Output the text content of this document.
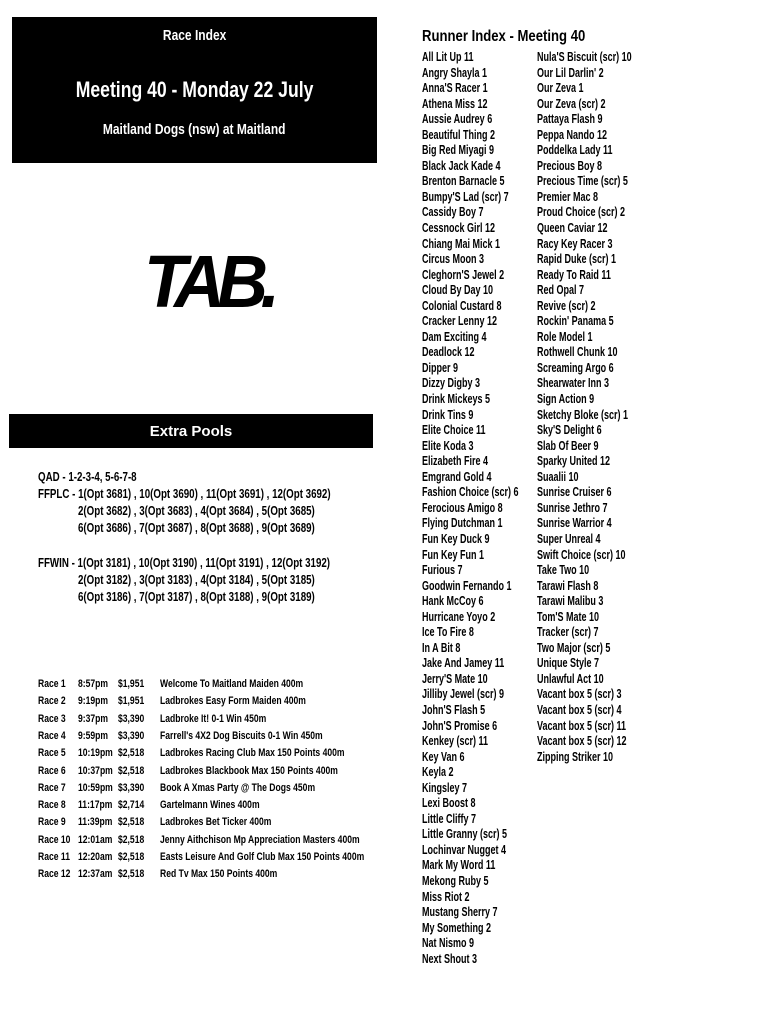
Race Index
Meeting 40 - Monday 22 July
Maitland Dogs (nsw) at Maitland
TAB.
Extra Pools
QAD - 1-2-3-4, 5-6-7-8
FFPLC - 1(Opt 3681) , 10(Opt 3690) , 11(Opt 3691) , 12(Opt 3692)
2(Opt 3682) , 3(Opt 3683) , 4(Opt 3684) , 5(Opt 3685)
6(Opt 3686) , 7(Opt 3687) , 8(Opt 3688) , 9(Opt 3689)
FFWIN - 1(Opt 3181) , 10(Opt 3190) , 11(Opt 3191) , 12(Opt 3192)
2(Opt 3182) , 3(Opt 3183) , 4(Opt 3184) , 5(Opt 3185)
6(Opt 3186) , 7(Opt 3187) , 8(Opt 3188) , 9(Opt 3189)
Runner Index - Meeting 40
All Lit Up 11
Angry Shayla 1
Anna'S Racer 1
Athena Miss 12
Aussie Audrey 6
Beautiful Thing 2
Big Red Miyagi 9
Black Jack Kade 4
Brenton Barnacle 5
Bumpy'S Lad (scr) 7
Cassidy Boy 7
Cessnock Girl 12
Chiang Mai Mick 1
Circus Moon 3
Cleghorn'S Jewel 2
Cloud By Day 10
Colonial Custard 8
Cracker Lenny 12
Dam Exciting 4
Deadlock 12
Dipper 9
Dizzy Digby 3
Drink Mickeys 5
Drink Tins 9
Elite Choice 11
Elite Koda 3
Elizabeth Fire 4
Emgrand Gold 4
Fashion Choice (scr) 6
Ferocious Amigo 8
Flying Dutchman 1
Fun Key Duck 9
Fun Key Fun 1
Furious 7
Goodwin Fernando 1
Hank McCoy 6
Hurricane Yoyo 2
Ice To Fire 8
In A Bit 8
Jake And Jamey 11
Jerry'S Mate 10
Jilliby Jewel (scr) 9
John'S Flash 5
John'S Promise 6
Kenkey (scr) 11
Key Van 6
Keyla 2
Kingsley 7
Lexi Boost 8
Little Cliffy 7
Little Granny (scr) 5
Lochinvar Nugget 4
Mark My Word 11
Mekong Ruby 5
Miss Riot 2
Mustang Sherry 7
My Something 2
Nat Nismo 9
Next Shout 3
Nula'S Biscuit (scr) 10
Our Lil Darlin' 2
Our Zeva 1
Our Zeva (scr) 2
Pattaya Flash 9
Peppa Nando 12
Poddelka Lady 11
Precious Boy 8
Precious Time (scr) 5
Premier Mac 8
Proud Choice (scr) 2
Queen Caviar 12
Racy Key Racer 3
Rapid Duke (scr) 1
Ready To Raid 11
Red Opal 7
Revive (scr) 2
Rockin' Panama 5
Role Model 1
Rothwell Chunk 10
Screaming Argo 6
Shearwater Inn 3
Sign Action 9
Sketchy Bloke (scr) 1
Sky'S Delight 6
Slab Of Beer 9
Sparky United 12
Suaalii 10
Sunrise Cruiser 6
Sunrise Jethro 7
Sunrise Warrior 4
Super Unreal 4
Swift Choice (scr) 10
Take Two 10
Tarawi Flash 8
Tarawi Malibu 3
Tom'S Mate 10
Tracker (scr) 7
Two Major (scr) 5
Unique Style 7
Unlawful Act 10
Vacant box 5 (scr) 3
Vacant box 5 (scr) 4
Vacant box 5 (scr) 11
Vacant box 5 (scr) 12
Zipping Striker 10
Race 1 8:57pm $1,951 Welcome To Maitland Maiden 400m
Race 2 9:19pm $1,951 Ladbrokes Easy Form Maiden 400m
Race 3 9:37pm $3,390 Ladbroke It! 0-1 Win 450m
Race 4 9:59pm $3,390 Farrell's 4X2 Dog Biscuits 0-1 Win 450m
Race 5 10:19pm $2,518 Ladbrokes Racing Club Max 150 Points 400m
Race 6 10:37pm $2,518 Ladbrokes Blackbook Max 150 Points 400m
Race 7 10:59pm $3,390 Book A Xmas Party @ The Dogs 450m
Race 8 11:17pm $2,714 Gartelmann Wines 400m
Race 9 11:39pm $2,518 Ladbrokes Bet Ticker 400m
Race 10 12:01am $2,518 Jenny Aithchison Mp Appreciation Masters 400m
Race 11 12:20am $2,518 Easts Leisure And Golf Club Max 150 Points 400m
Race 12 12:37am $2,518 Red Tv Max 150 Points 400m
